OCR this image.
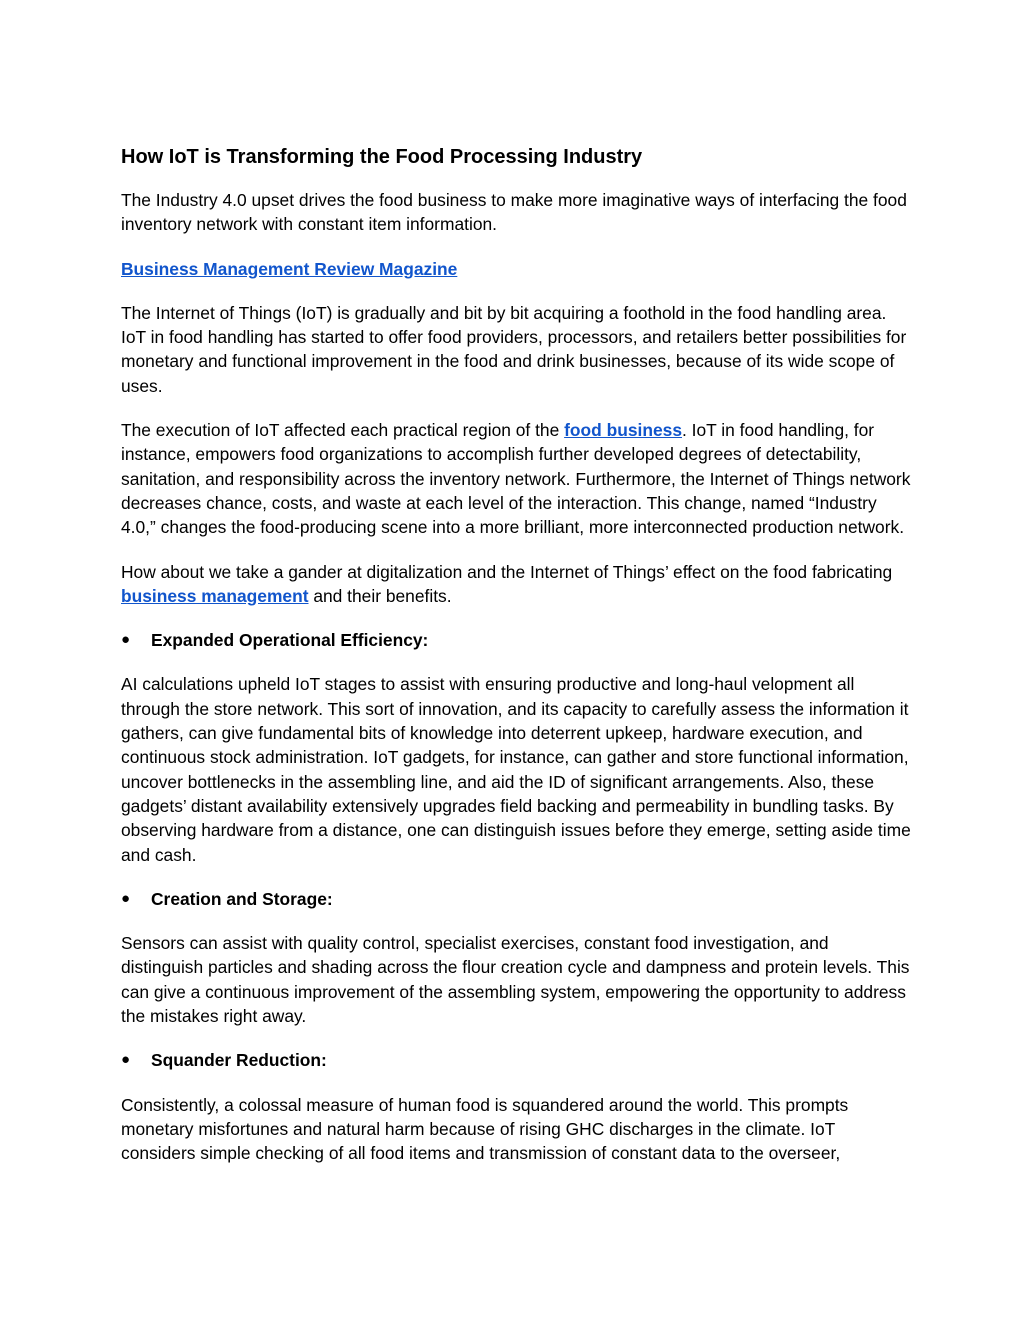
How IoT is Transforming the Food Processing Industry

The Industry 4.0 upset drives the food business to make more imaginative ways of interfacing the food inventory network with constant item information.

Business Management Review Magazine

The Internet of Things (IoT) is gradually and bit by bit acquiring a foothold in the food handling area. IoT in food handling has started to offer food providers, processors, and retailers better possibilities for monetary and functional improvement in the food and drink businesses, because of its wide scope of uses.

The execution of IoT affected each practical region of the food business. IoT in food handling, for instance, empowers food organizations to accomplish further developed degrees of detectability, sanitation, and responsibility across the inventory network. Furthermore, the Internet of Things network decreases chance, costs, and waste at each level of the interaction. This change, named “Industry 4.0,” changes the food-producing scene into a more brilliant, more interconnected production network.

How about we take a gander at digitalization and the Internet of Things’ effect on the food fabricating business management and their benefits.

●	Expanded Operational Efficiency:

AI calculations upheld IoT stages to assist with ensuring productive and long-haul velopment all through the store network. This sort of innovation, and its capacity to carefully assess the information it gathers, can give fundamental bits of knowledge into deterrent upkeep, hardware execution, and continuous stock administration. IoT gadgets, for instance, can gather and store functional information, uncover bottlenecks in the assembling line, and aid the ID of significant arrangements. Also, these gadgets’ distant availability extensively upgrades field backing and permeability in bundling tasks. By observing hardware from a distance, one can distinguish issues before they emerge, setting aside time and cash.

●	Creation and Storage:

Sensors can assist with quality control, specialist exercises, constant food investigation, and distinguish particles and shading across the flour creation cycle and dampness and protein levels. This can give a continuous improvement of the assembling system, empowering the opportunity to address the mistakes right away.

●	Squander Reduction:

Consistently, a colossal measure of human food is squandered around the world. This prompts monetary misfortunes and natural harm because of rising GHC discharges in the climate. IoT considers simple checking of all food items and transmission of constant data to the overseer,
